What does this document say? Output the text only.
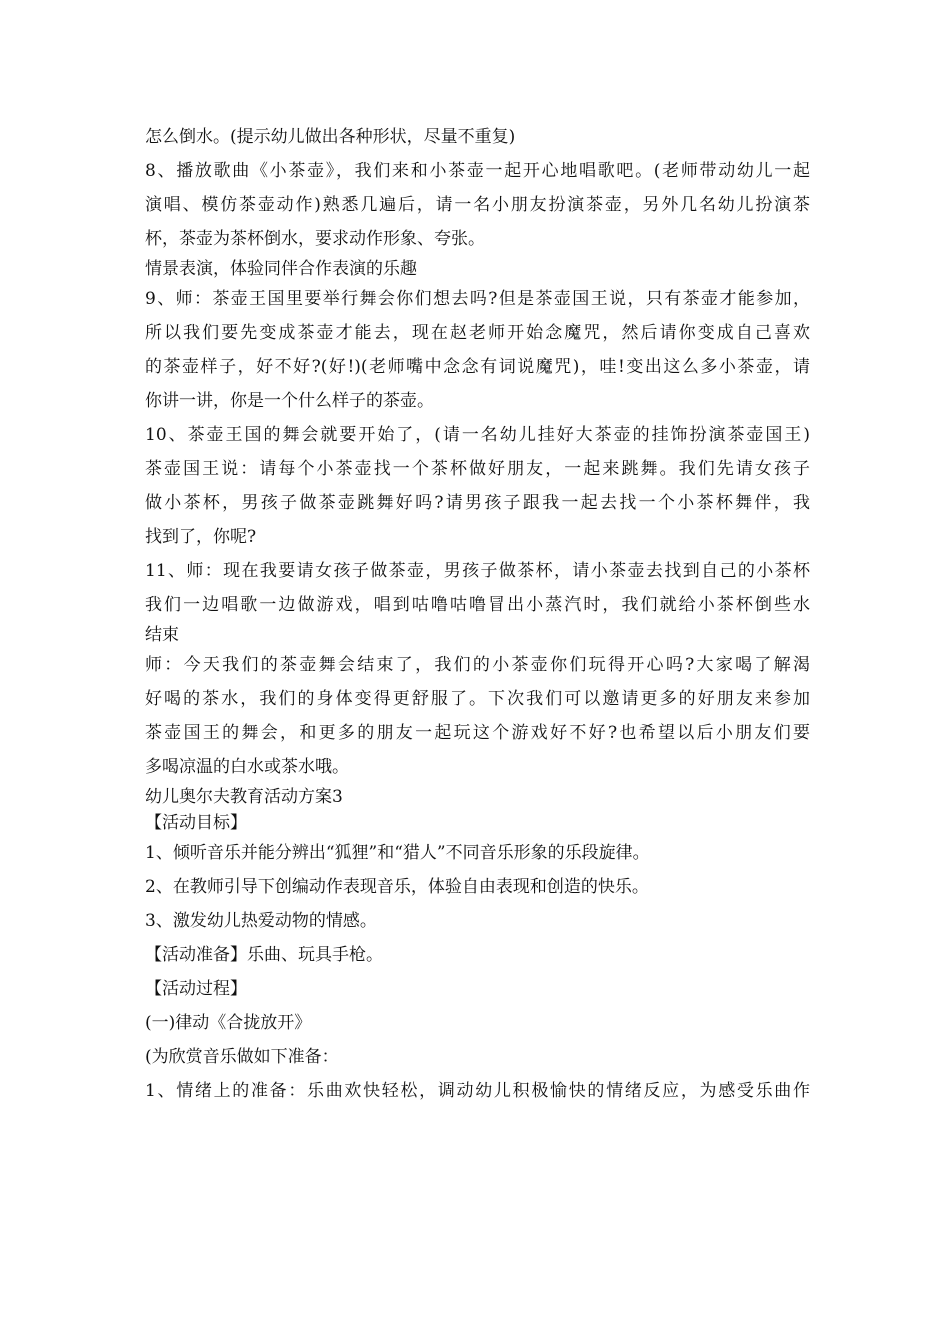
怎么倒水。(提示幼儿做出各种形状，尽量不重复)
8、播放歌曲《小茶壶》，我们来和小茶壶一起开心地唱歌吧。(老师带动幼儿一起
演唱、模仿茶壶动作)熟悉几遍后，请一名小朋友扮演茶壶，另外几名幼儿扮演茶
杯，茶壶为茶杯倒水，要求动作形象、夸张。
情景表演，体验同伴合作表演的乐趣
9、师：茶壶王国里要举行舞会你们想去吗?但是茶壶国王说，只有茶壶才能参加，
所以我们要先变成茶壶才能去，现在赵老师开始念魔咒，然后请你变成自己喜欢
的茶壶样子，好不好?(好!)(老师嘴中念念有词说魔咒)，哇!变出这么多小茶壶，请
你讲一讲，你是一个什么样子的茶壶。
10、茶壶王国的舞会就要开始了，(请一名幼儿挂好大茶壶的挂饰扮演茶壶国王)
茶壶国王说：请每个小茶壶找一个茶杯做好朋友，一起来跳舞。我们先请女孩子
做小茶杯，男孩子做茶壶跳舞好吗?请男孩子跟我一起去找一个小茶杯舞伴，我
找到了，你呢?
11、师：现在我要请女孩子做茶壶，男孩子做茶杯，请小茶壶去找到自己的小茶杯
我们一边唱歌一边做游戏，唱到咕噜咕噜冒出小蒸汽时，我们就给小茶杯倒些水
结束
师：今天我们的茶壶舞会结束了，我们的小茶壶你们玩得开心吗?大家喝了解渴
好喝的茶水，我们的身体变得更舒服了。下次我们可以邀请更多的好朋友来参加
茶壶国王的舞会，和更多的朋友一起玩这个游戏好不好?也希望以后小朋友们要
多喝凉温的白水或茶水哦。
幼儿奥尔夫教育活动方案3
【活动目标】
1、倾听音乐并能分辨出“狐狸”和“猎人”不同音乐形象的乐段旋律。
2、在教师引导下创编动作表现音乐，体验自由表现和创造的快乐。
3、激发幼儿热爱动物的情感。
【活动准备】乐曲、玩具手枪。
【活动过程】
(一)律动《合拢放开》
(为欣赏音乐做如下准备：
1、情绪上的准备：乐曲欢快轻松，调动幼儿积极愉快的情绪反应，为感受乐曲作
